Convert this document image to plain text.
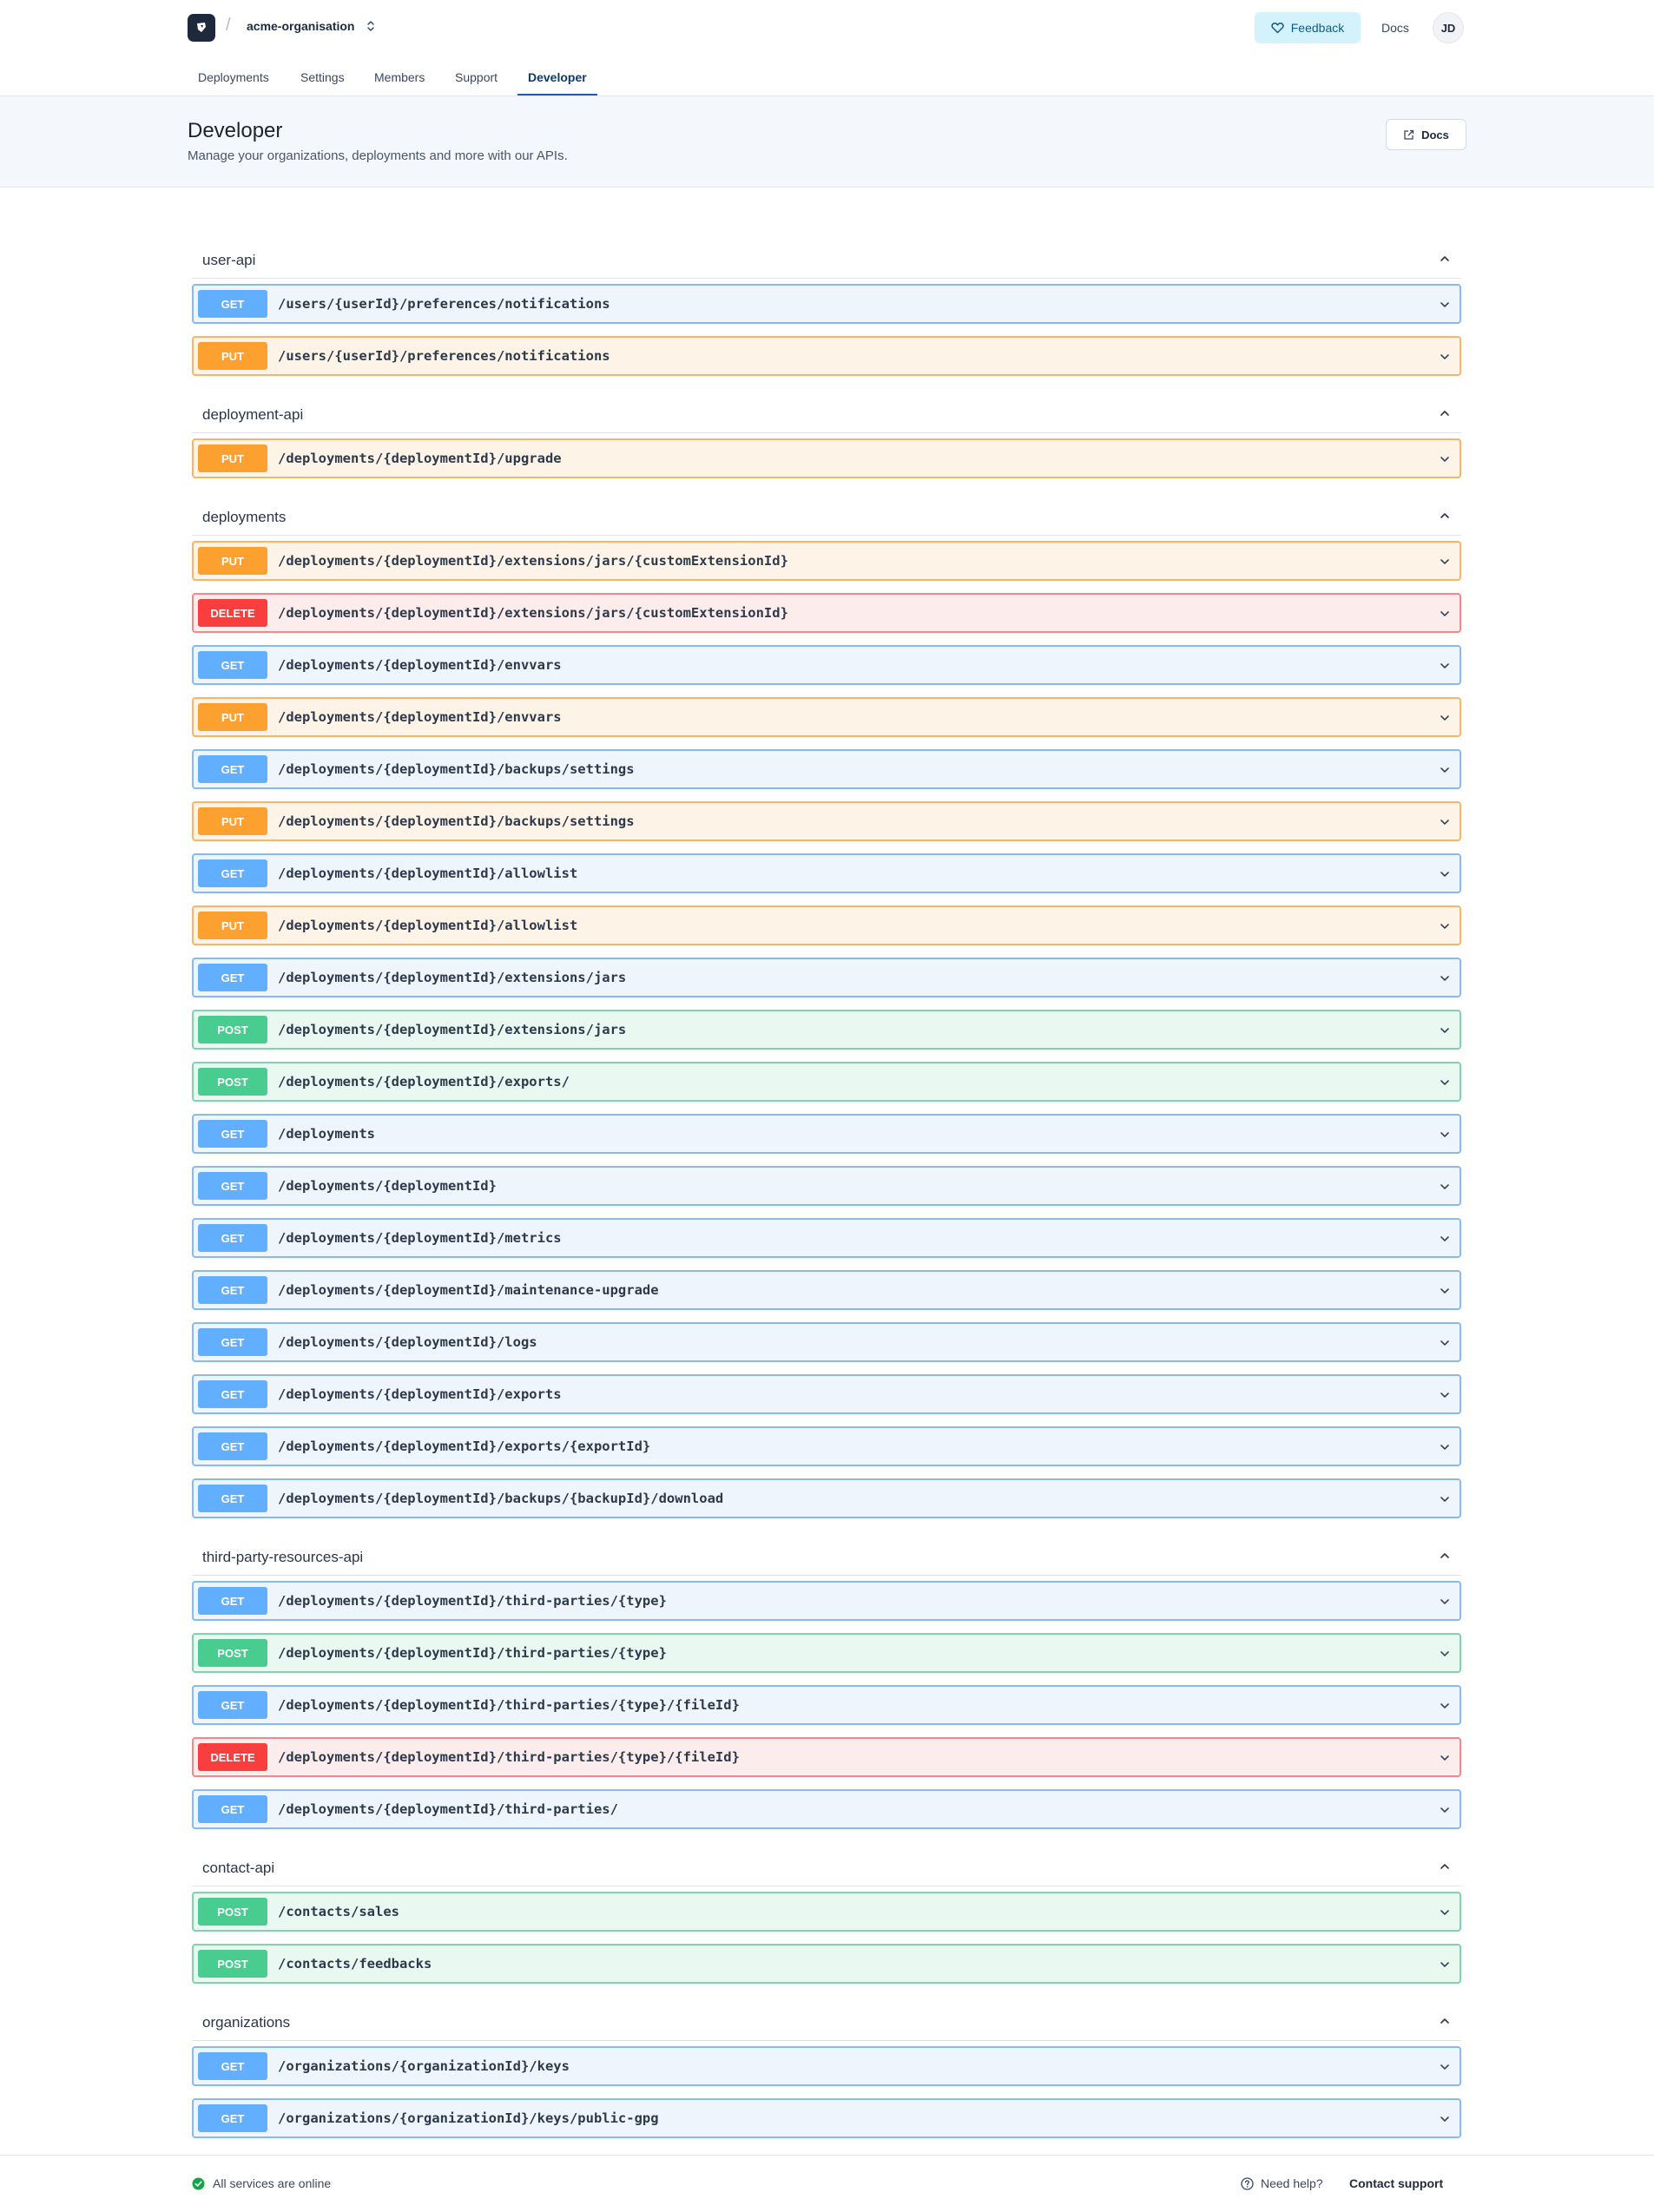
/ acme-organisation	Feedback	Docs	JD
Deployments	Settings	Members	Support	Developer
Developer
Manage your organizations, deployments and more with our APIs.
Docs
user-api
GET	/users/{userId}/preferences/notifications
PUT	/users/{userId}/preferences/notifications
deployment-api
PUT	/deployments/{deploymentId}/upgrade
deployments
PUT	/deployments/{deploymentId}/extensions/jars/{customExtensionId}
DELETE	/deployments/{deploymentId}/extensions/jars/{customExtensionId}
GET	/deployments/{deploymentId}/envvars
PUT	/deployments/{deploymentId}/envvars
GET	/deployments/{deploymentId}/backups/settings
PUT	/deployments/{deploymentId}/backups/settings
GET	/deployments/{deploymentId}/allowlist
PUT	/deployments/{deploymentId}/allowlist
GET	/deployments/{deploymentId}/extensions/jars
POST	/deployments/{deploymentId}/extensions/jars
POST	/deployments/{deploymentId}/exports/
GET	/deployments
GET	/deployments/{deploymentId}
GET	/deployments/{deploymentId}/metrics
GET	/deployments/{deploymentId}/maintenance-upgrade
GET	/deployments/{deploymentId}/logs
GET	/deployments/{deploymentId}/exports
GET	/deployments/{deploymentId}/exports/{exportId}
GET	/deployments/{deploymentId}/backups/{backupId}/download
third-party-resources-api
GET	/deployments/{deploymentId}/third-parties/{type}
POST	/deployments/{deploymentId}/third-parties/{type}
GET	/deployments/{deploymentId}/third-parties/{type}/{fileId}
DELETE	/deployments/{deploymentId}/third-parties/{type}/{fileId}
GET	/deployments/{deploymentId}/third-parties/
contact-api
POST	/contacts/sales
POST	/contacts/feedbacks
organizations
GET	/organizations/{organizationId}/keys
GET	/organizations/{organizationId}/keys/public-gpg
All services are online	Need help? Contact support
